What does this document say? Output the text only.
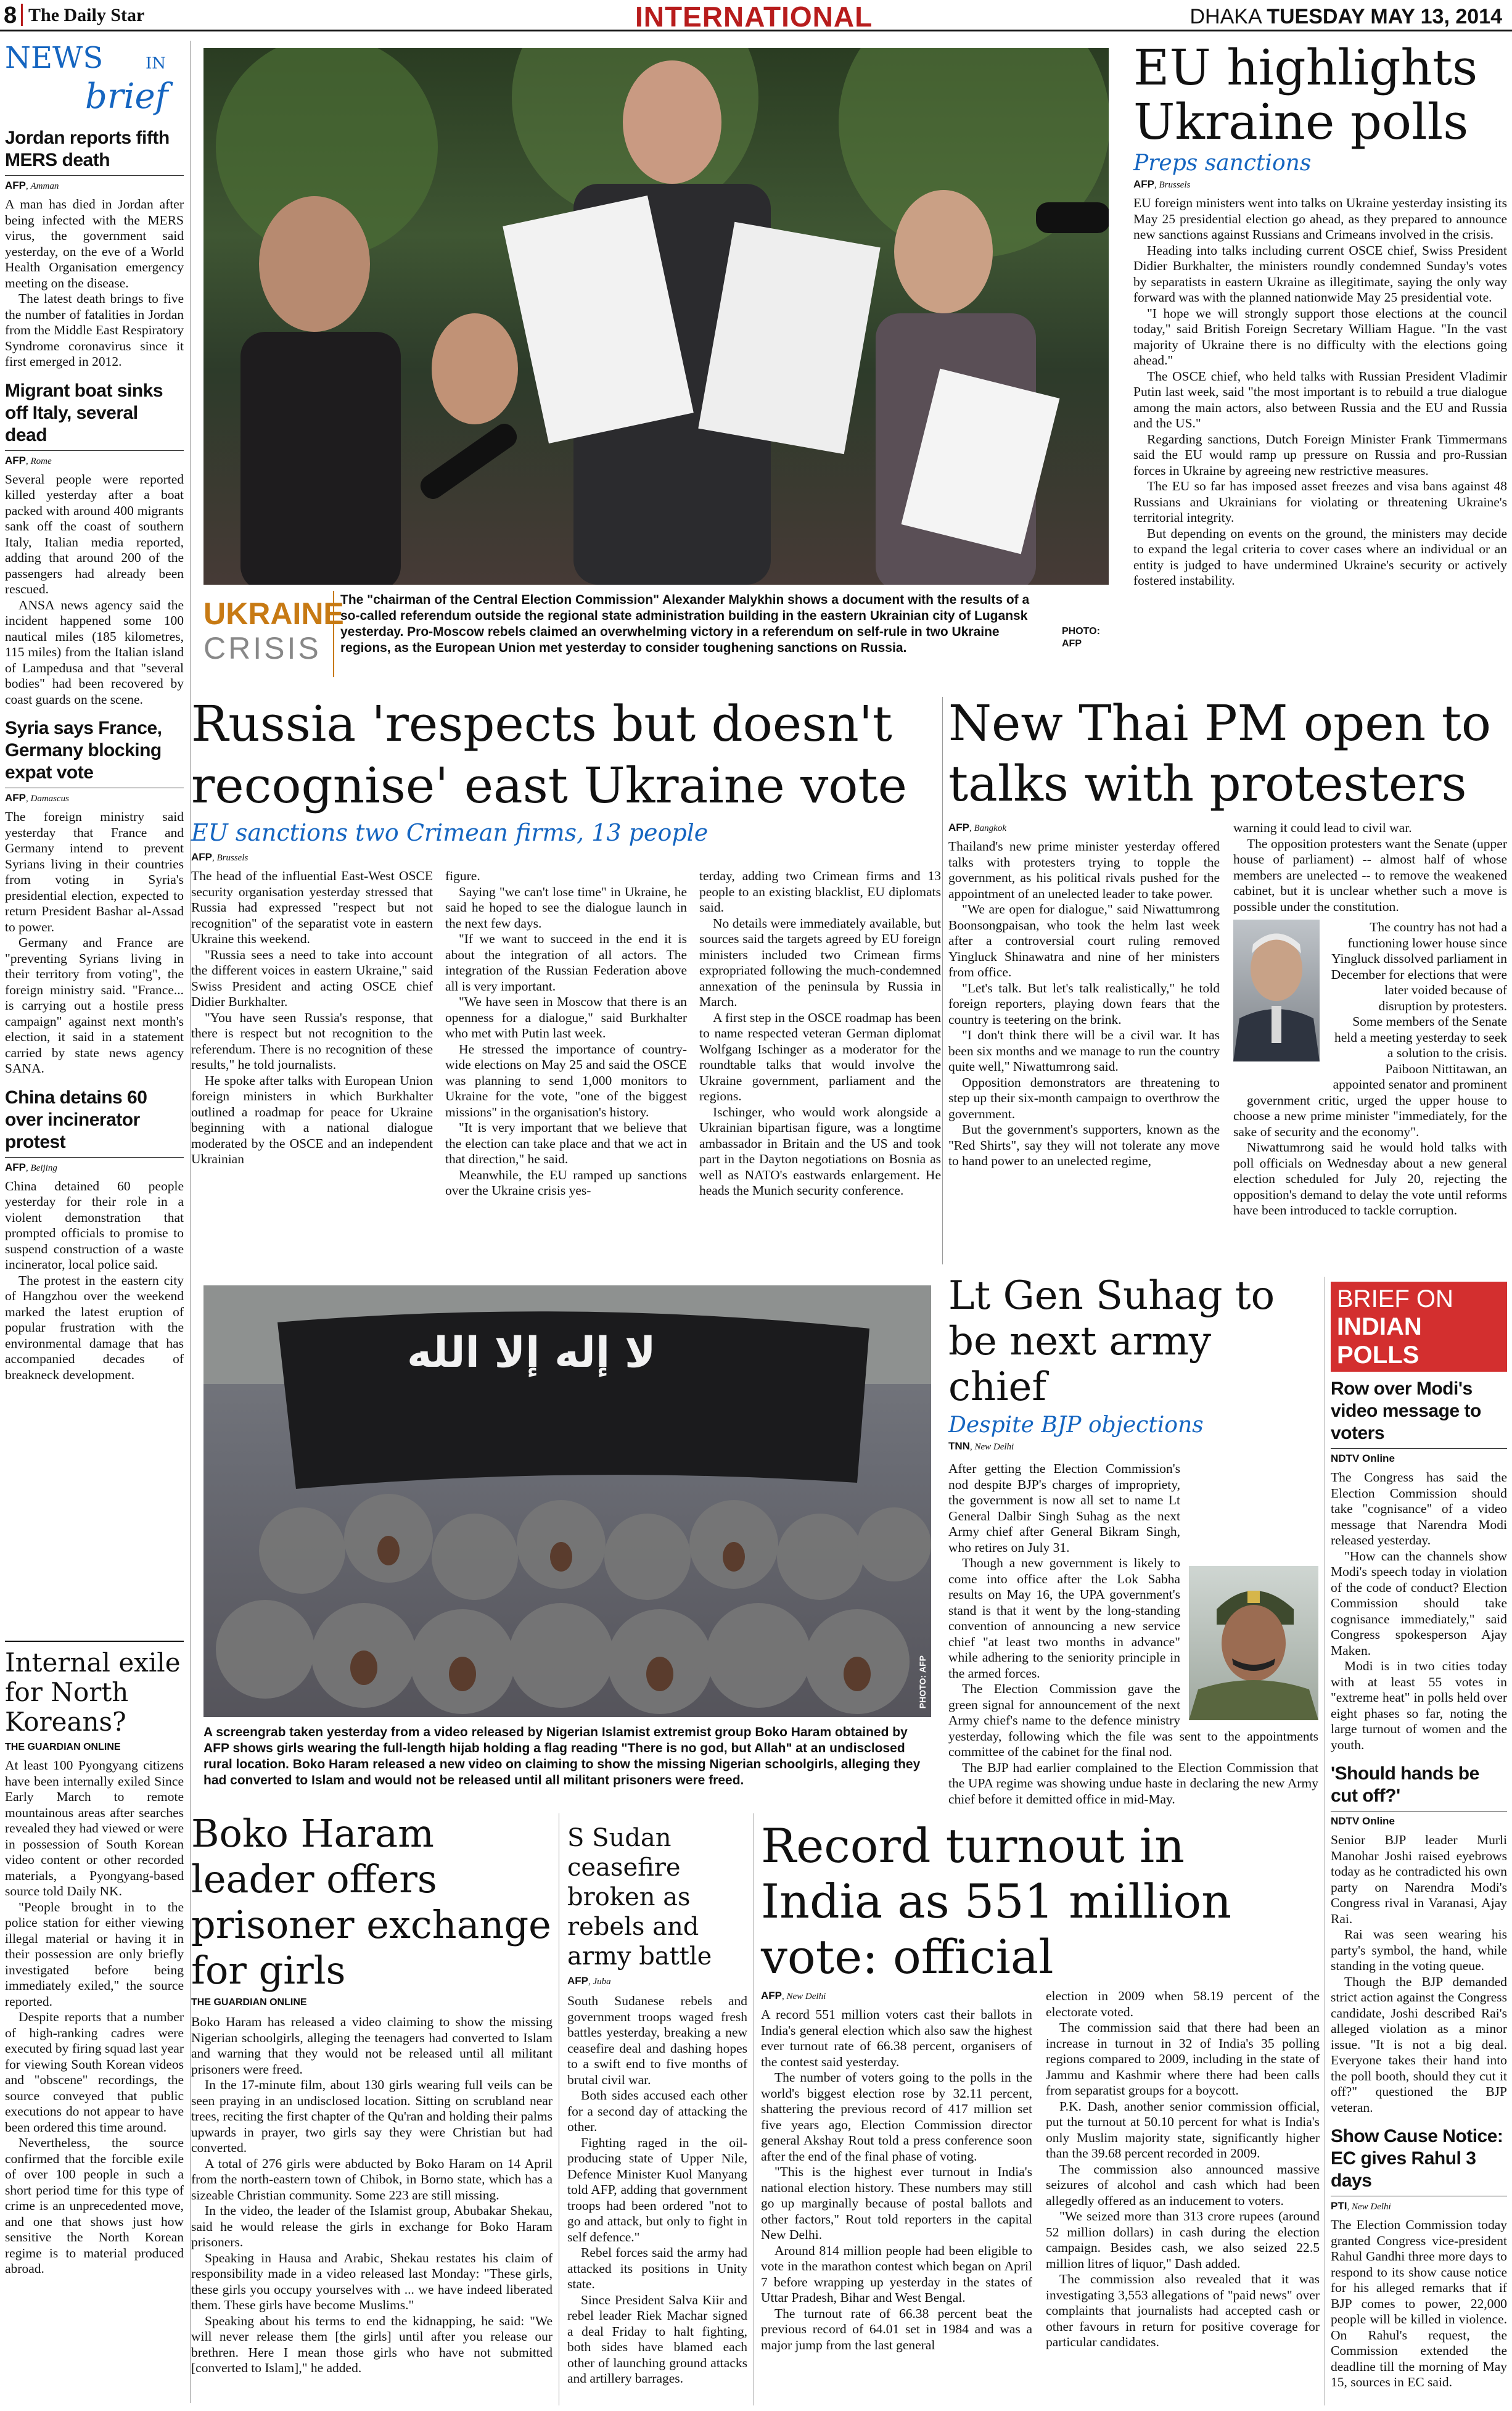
8 The Daily Star	INTERNATIONAL	DHAKA TUESDAY MAY 13, 2014
NEWS	IN
brief
Jordan reports fifth MERS death
AFP, Amman

A man has died in Jordan after being infected with the MERS virus, the government said yesterday, on the eve of a World Health Organisation emergency meeting on the disease.

The latest death brings to five the number of fatalities in Jordan from the Middle East Respiratory Syndrome coronavirus since it first emerged in 2012.

Migrant boat sinks off Italy, several dead
AFP, Rome

Several people were reported killed yesterday after a boat packed with around 400 migrants sank off the coast of southern Italy, Italian media reported, adding that around 200 of the passengers had already been rescued.

ANSA news agency said the incident happened some 100 nautical miles (185 kilometres, 115 miles) from the Italian island of Lampedusa and that "several bodies" had been recovered by coast guards on the scene.

Syria says France, Germany blocking expat vote
AFP, Damascus

The foreign ministry said yesterday that France and Germany intend to prevent Syrians living in their countries from voting in Syria's presidential election, expected to return President Bashar al-Assad to power.

Germany and France are "preventing Syrians living in their territory from voting", the foreign ministry said. "France... is carrying out a hostile press campaign" against next month's election, it said in a statement carried by state news agency SANA.

China detains 60 over incinerator protest
AFP, Beijing

China detained 60 people yesterday for their role in a violent demonstration that prompted officials to promise to suspend construction of a waste incinerator, local police said.

The protest in the eastern city of Hangzhou over the weekend marked the latest eruption of popular frustration with the environmental damage that has accompanied decades of breakneck development.

Internal exile for North Koreans?
THE GUARDIAN ONLINE

At least 100 Pyongyang citizens have been internally exiled Since Early March to remote mountainous areas after searches revealed they had viewed or were in possession of South Korean video content or other recorded materials, a Pyongyang-based source told Daily NK.

"People brought in to the police station for either viewing illegal material or having it in their possession are only briefly investigated before being immediately exiled," the source reported.

Despite reports that a number of high-ranking cadres were executed by firing squad last year for viewing South Korean videos and "obscene" recordings, the source conveyed that public executions do not appear to have been ordered this time around.

Nevertheless, the source confirmed that the forcible exile of over 100 people in such a short period time for this type of crime is an unprecedented move, and one that shows just how sensitive the North Korean regime is to material produced abroad.

UKRAINE
CRISIS
The "chairman of the Central Election Commission" Alexander Malykhin shows a document with the results of a so-called referendum outside the regional state administration building in the eastern Ukrainian city of Lugansk yesterday. Pro-Moscow rebels claimed an overwhelming victory in a referendum on self-rule in two Ukraine regions, as the European Union met yesterday to consider toughening sanctions on Russia.
PHOTO:
AFP
EU highlights Ukraine polls
Preps sanctions
AFP, Brussels

EU foreign ministers went into talks on Ukraine yesterday insisting its May 25 presidential election go ahead, as they prepared to announce new sanctions against Russians and Crimeans involved in the crisis.

Heading into talks including current OSCE chief, Swiss President Didier Burkhalter, the ministers roundly condemned Sunday's votes by separatists in eastern Ukraine as illegitimate, saying the only way forward was with the planned nationwide May 25 presidential vote.

"I hope we will strongly support those elections at the council today," said British Foreign Secretary William Hague. "In the vast majority of Ukraine there is no difficulty with the elections going ahead."

The OSCE chief, who held talks with Russian President Vladimir Putin last week, said "the most important is to rebuild a true dialogue among the main actors, also between Russia and the EU and Russia and the US."

Regarding sanctions, Dutch Foreign Minister Frank Timmermans said the EU would ramp up pressure on Russia and pro-Russian forces in Ukraine by agreeing new restrictive measures.

The EU so far has imposed asset freezes and visa bans against 48 Russians and Ukrainians for violating or threatening Ukraine's territorial integrity.

But depending on events on the ground, the ministers may decide to expand the legal criteria to cover cases where an individual or an entity is judged to have undermined Ukraine's security or actively fostered instability.

Russia 'respects but doesn't recognise' east Ukraine vote
EU sanctions two Crimean firms, 13 people
AFP, Brussels

The head of the influential East-West OSCE security organisation yesterday stressed that Russia had expressed "respect but not recognition" of the separatist vote in eastern Ukraine this weekend.

"Russia sees a need to take into account the different voices in eastern Ukraine," said Swiss President and acting OSCE chief Didier Burkhalter.

"You have seen Russia's response, that there is respect but not recognition to the referendum. There is no recognition of these results," he told journalists.

He spoke after talks with European Union foreign ministers in which Burkhalter outlined a roadmap for peace for Ukraine beginning with a national dialogue moderated by the OSCE and an independent Ukrainian

figure.

Saying "we can't lose time" in Ukraine, he said he hoped to see the dialogue launch in the next few days.

"If we want to succeed in the end it is about the integration of all actors. The integration of the Russian Federation above all is very important.

"We have seen in Moscow that there is an openness for a dialogue," said Burkhalter who met with Putin last week.

He stressed the importance of country-wide elections on May 25 and said the OSCE was planning to send 1,000 monitors to Ukraine for the vote, "one of the biggest missions" in the organisation's history.

"It is very important that we believe that the election can take place and that we act in that direction," he said.

Meanwhile, the EU ramped up sanctions over the Ukraine crisis yes-

terday, adding two Crimean firms and 13 people to an existing blacklist, EU diplomats said.

No details were immediately available, but sources said the targets agreed by EU foreign ministers included two Crimean firms expropriated following the much-condemned annexation of the peninsula by Russia in March.

A first step in the OSCE roadmap has been to name respected veteran German diplomat Wolfgang Ischinger as a moderator for the roundtable talks that would involve the Ukraine government, parliament and the regions.

Ischinger, who would work alongside a Ukrainian bipartisan figure, was a longtime ambassador in Britain and the US and took part in the Dayton negotiations on Bosnia as well as NATO's eastwards enlargement. He heads the Munich security conference.

New Thai PM open to talks with protesters
AFP, Bangkok

Thailand's new prime minister yesterday offered talks with protesters trying to topple the government, as his political rivals pushed for the appointment of an unelected leader to take power.

"We are open for dialogue," said Niwattumrong Boonsongpaisan, who took the helm last week after a controversial court ruling removed Yingluck Shinawatra and nine of her ministers from office.

"Let's talk. But let's talk realistically," he told foreign reporters, playing down fears that the country is teetering on the brink.

"I don't think there will be a civil war. It has been six months and we manage to run the country quite well," Niwattumrong said.

Opposition demonstrators are threatening to step up their six-month campaign to overthrow the government.

But the government's supporters, known as the "Red Shirts", say they will not tolerate any move to hand power to an unelected regime,

warning it could lead to civil war.

The opposition protesters want the Senate (upper house of parliament) -- almost half of whose members are unelected -- to remove the weakened cabinet, but it is unclear whether such a move is possible under the constitution.

The country has not had a functioning lower house since Yingluck dissolved parliament in December for elections that were later voided because of disruption by protesters.

Some members of the Senate held a meeting yesterday to seek a solution to the crisis.

Paiboon Nittitawan, an appointed senator and prominent

government critic, urged the upper house to choose a new prime minister "immediately, for the sake of security and the economy".

Niwattumrong said he would hold talks with poll officials on Wednesday about a new general election scheduled for July 20, rejecting the opposition's demand to delay the vote until reforms have been introduced to tackle corruption.

لا إله إلا الله
PHOTO: AFP
A screengrab taken yesterday from a video released by Nigerian Islamist extremist group Boko Haram obtained by AFP shows girls wearing the full-length hijab holding a flag reading "There is no god, but Allah" at an undisclosed rural location. Boko Haram released a new video on claiming to show the missing Nigerian schoolgirls, alleging they had converted to Islam and would not be released until all militant prisoners were freed.
Lt Gen Suhag to be next army chief
Despite BJP objections
TNN, New Delhi

After getting the Election Commission's nod despite BJP's charges of impropriety, the government is now all set to name Lt General Dalbir Singh Suhag as the next Army chief after General Bikram Singh, who retires on July 31.

Though a new government is likely to come into office after the Lok Sabha results on May 16, the UPA government's stand is that it went by the long-standing convention of announcing a new service chief "at least two months in advance" while adhering to the seniority principle in the armed forces.

The Election Commission gave the green signal for announcement of the next Army chief's name to the defence ministry yesterday, following which the file was sent to the appointments committee of the cabinet for the final nod.

The BJP had earlier complained to the Election Commission that the UPA regime was showing undue haste in declaring the new Army chief before it demitted office in mid-May.

BRIEF ON
INDIAN POLLS
Row over Modi's video message to voters
NDTV Online

The Congress has said the Election Commission should take "cognisance" of a video message that Narendra Modi released yesterday.

"How can the channels show Modi's speech today in violation of the code of conduct? Election Commission should take cognisance immediately," said Congress spokesperson Ajay Maken.

Modi is in two cities today with at least 55 votes in "extreme heat" in polls held over eight phases so far, noting the large turnout of women and the youth.

'Should hands be cut off?'
NDTV Online

Senior BJP leader Murli Manohar Joshi raised eyebrows today as he contradicted his own party on Narendra Modi's Congress rival in Varanasi, Ajay Rai.

Rai was seen wearing his party's symbol, the hand, while standing in the voting queue.

Though the BJP demanded strict action against the Congress candidate, Joshi described Rai's alleged violation as a minor issue. "It is not a big deal. Everyone takes their hand into the poll booth, should they cut it off?" questioned the BJP veteran.

Show Cause Notice: EC gives Rahul 3 days
PTI, New Delhi

The Election Commission today granted Congress vice-president Rahul Gandhi three more days to respond to its show cause notice for his alleged remarks that if BJP comes to power, 22,000 people will be killed in violence. On Rahul's request, the Commission extended the deadline till the morning of May 15, sources in EC said.

Boko Haram leader offers prisoner exchange for girls
THE GUARDIAN ONLINE

Boko Haram has released a video claiming to show the missing Nigerian schoolgirls, alleging the teenagers had converted to Islam and warning that they would not be released until all militant prisoners were freed.

In the 17-minute film, about 130 girls wearing full veils can be seen praying in an undisclosed location. Sitting on scrubland near trees, reciting the first chapter of the Qu'ran and holding their palms upwards in prayer, two girls say they were Christian but had converted.

A total of 276 girls were abducted by Boko Haram on 14 April from the north-eastern town of Chibok, in Borno state, which has a sizeable Christian community. Some 223 are still missing.

In the video, the leader of the Islamist group, Abubakar Shekau, said he would release the girls in exchange for Boko Haram prisoners.

Speaking in Hausa and Arabic, Shekau restates his claim of responsibility made in a video released last Monday: "These girls, these girls you occupy yourselves with ... we have indeed liberated them. These girls have become Muslims."

Speaking about his terms to end the kidnapping, he said: "We will never release them [the girls] until after you release our brethren. Here I mean those girls who have not submitted [converted to Islam]," he added.

S Sudan ceasefire broken as rebels and army battle
AFP, Juba

South Sudanese rebels and government troops waged fresh battles yesterday, breaking a new ceasefire deal and dashing hopes to a swift end to five months of brutal civil war.

Both sides accused each other for a second day of attacking the other.

Fighting raged in the oil-producing state of Upper Nile, Defence Minister Kuol Manyang told AFP, adding that government troops had been ordered "not to go and attack, but only to fight in self defence."

Rebel forces said the army had attacked its positions in Unity state.

Since President Salva Kiir and rebel leader Riek Machar signed a deal Friday to halt fighting, both sides have blamed each other of launching ground attacks and artillery barrages.

Record turnout in India as 551 million vote: official
AFP, New Delhi

A record 551 million voters cast their ballots in India's general election which also saw the highest ever turnout rate of 66.38 percent, organisers of the contest said yesterday.

The number of voters going to the polls in the world's biggest election rose by 32.11 percent, shattering the previous record of 417 million set five years ago, Election Commission director general Akshay Rout told a press conference soon after the end of the final phase of voting.

"This is the highest ever turnout in India's national election history. These numbers may still go up marginally because of postal ballots and other factors," Rout told reporters in the capital New Delhi.

Around 814 million people had been eligible to vote in the marathon contest which began on April 7 before wrapping up yesterday in the states of Uttar Pradesh, Bihar and West Bengal.

The turnout rate of 66.38 percent beat the previous record of 64.01 set in 1984 and was a major jump from the last general

election in 2009 when 58.19 percent of the electorate voted.

The commission said that there had been an increase in turnout in 32 of India's 35 polling regions compared to 2009, including in the state of Jammu and Kashmir where there had been calls from separatist groups for a boycott.

P.K. Dash, another senior commission official, put the turnout at 50.10 percent for what is India's only Muslim majority state, significantly higher than the 39.68 percent recorded in 2009.

The commission also announced massive seizures of alcohol and cash which had been allegedly offered as an inducement to voters.

"We seized more than 313 crore rupees (around 52 million dollars) in cash during the election campaign. Besides cash, we also seized 22.5 million litres of liquor," Dash added.

The commission also revealed that it was investigating 3,553 allegations of "paid news" over complaints that journalists had accepted cash or other favours in return for positive coverage for particular candidates.
